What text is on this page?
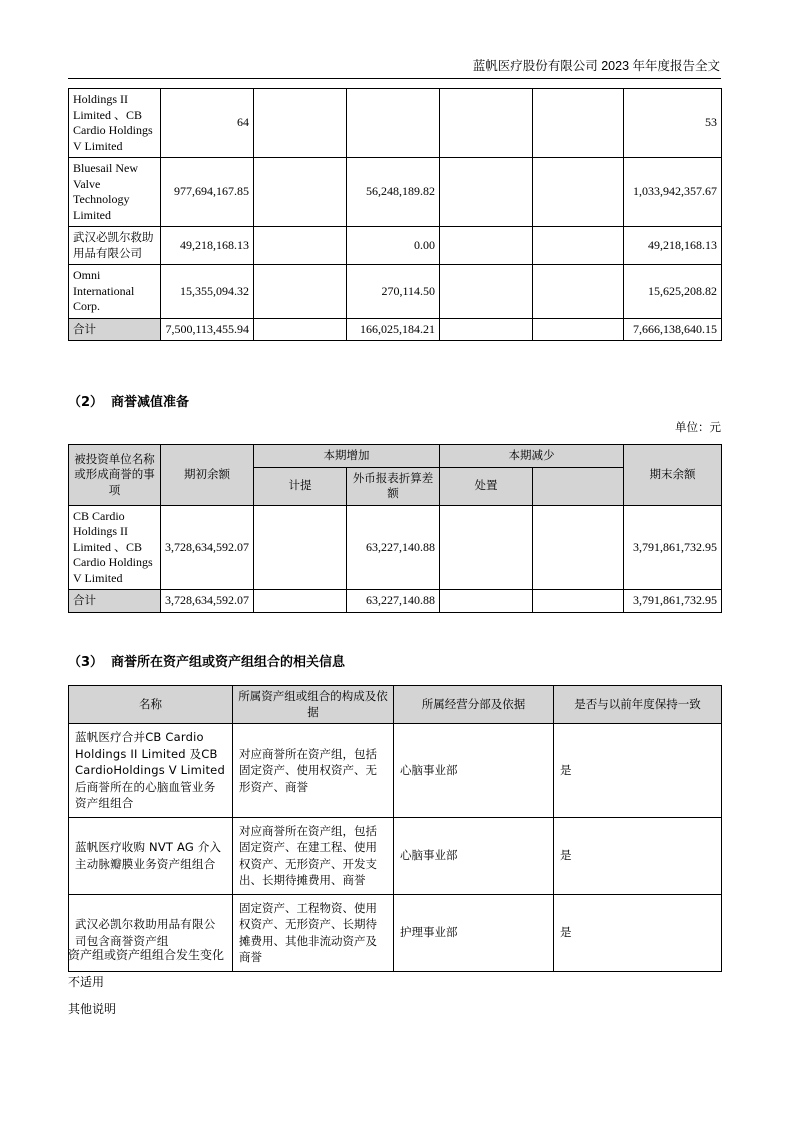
蓝帆医疗股份有限公司 2023 年年度报告全文
Holdings II Limited 、CB Cardio Holdings V Limited	64					53
Bluesail New Valve Technology Limited	977,694,167.85		56,248,189.82			1,033,942,357.67
武汉必凯尔救助用品有限公司	49,218,168.13		0.00			49,218,168.13
Omni International Corp.	15,355,094.32		270,114.50			15,625,208.82
合计	7,500,113,455.94		166,025,184.21			7,666,138,640.15
（2） 商誉减值准备
单位：元
被投资单位名称或形成商誉的事项	期初余额	本期增加		本期减少		期末余额
		计提	外币报表折算差额	处置		
CB Cardio Holdings II Limited 、CB Cardio Holdings V Limited	3,728,634,592.07		63,227,140.88			3,791,861,732.95
合计	3,728,634,592.07		63,227,140.88			3,791,861,732.95
（3） 商誉所在资产组或资产组组合的相关信息
名称	所属资产组或组合的构成及依据	所属经营分部及依据	是否与以前年度保持一致
蓝帆医疗合并CB Cardio Holdings II Limited 及CB CardioHoldings V Limited 后商誉所在的心脑血管业务资产组组合	对应商誉所在资产组，包括固定资产、使用权资产、无形资产、商誉	心脑事业部	是
蓝帆医疗收购 NVT AG 介入主动脉瓣膜业务资产组组合	对应商誉所在资产组，包括固定资产、在建工程、使用权资产、无形资产、开发支出、长期待摊费用、商誉	心脑事业部	是
武汉必凯尔救助用品有限公司包含商誉资产组	固定资产、工程物资、使用权资产、无形资产、长期待摊费用、其他非流动资产及商誉	护理事业部	是
资产组或资产组组合发生变化
不适用
其他说明
